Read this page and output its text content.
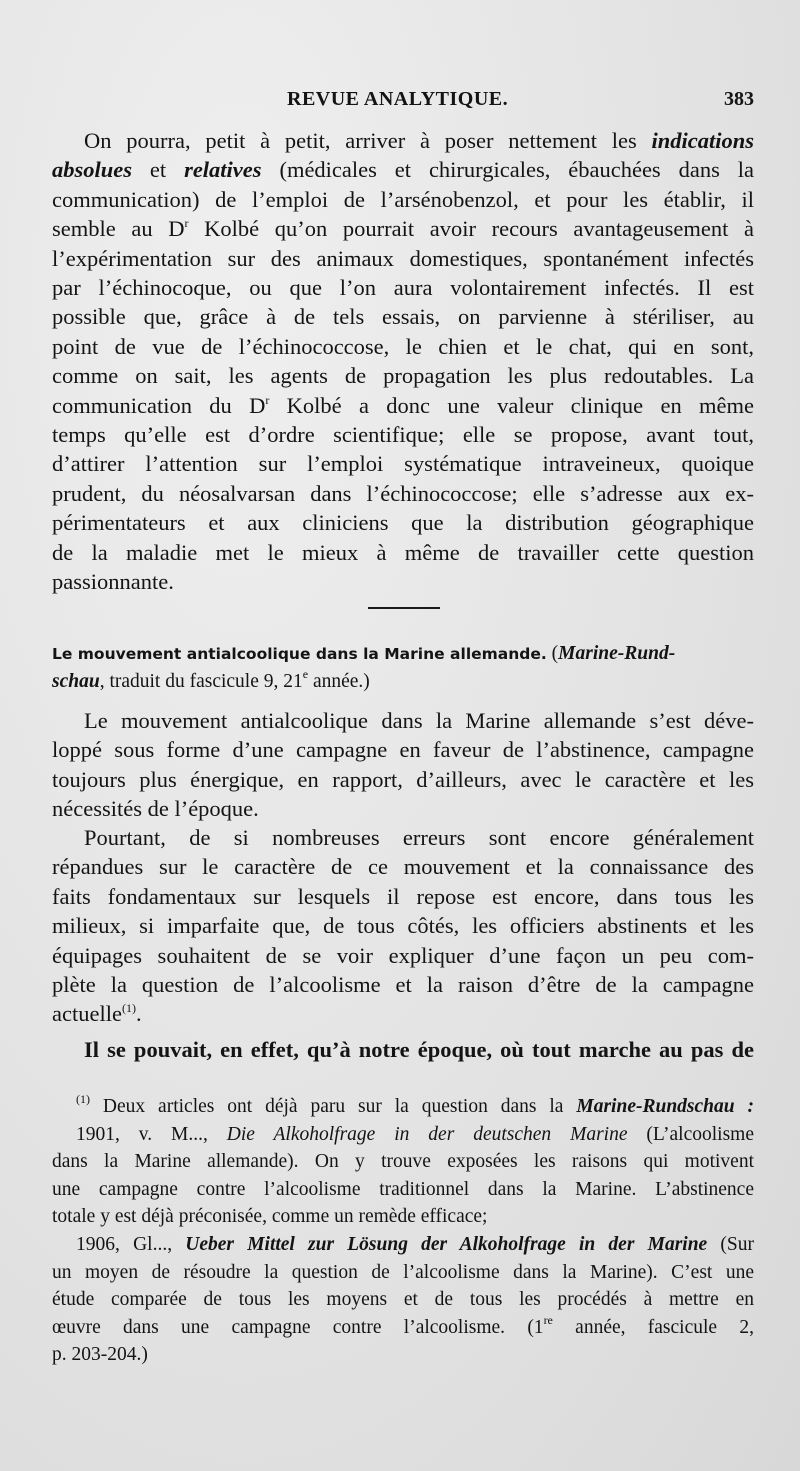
REVUE ANALYTIQUE.	383

On pourra, petit à petit, arriver à poser nettement les indications

absolues et relatives (médicales et chirurgicales, ébauchées dans la

communication) de l’emploi de l’arsénobenzol, et pour les établir, il

semble au $D^r$ Kolbé qu’on pourrait avoir recours avantageusement à

l’expérimentation sur des animaux domestiques, spontanément infectés

par l’échinocoque, ou que l’on aura volontairement infectés. Il est

possible que, grâce à de tels essais, on parvienne à stériliser, au

point de vue de l’échinococcose, le chien et le chat, qui en sont,

comme on sait, les agents de propagation les plus redoutables. La

communication du $D^r$ Kolbé a donc une valeur clinique en même

temps qu’elle est d’ordre scientifique; elle se propose, avant tout,

d’attirer l’attention sur l’emploi systématique intraveineux, quoique

prudent, du néosalvarsan dans l’échinococcose; elle s’adresse aux ex-

périmentateurs et aux cliniciens que la distribution géographique

de la maladie met le mieux à même de travailler cette question

passionnante.

Le mouvement antialcoolique dans la Marine allemande. (Marine-Rund-
schau, traduit du fascicule 9, 21e année.)

Le mouvement antialcoolique dans la Marine allemande s’est déve-

loppé sous forme d’une campagne en faveur de l’abstinence, campagne

toujours plus énergique, en rapport, d’ailleurs, avec le caractère et les

nécessités de l’époque.

Pourtant, de si nombreuses erreurs sont encore généralement

répandues sur le caractère de ce mouvement et la connaissance des

faits fondamentaux sur lesquels il repose est encore, dans tous les

milieux, si imparfaite que, de tous côtés, les officiers abstinents et les

équipages souhaitent de se voir expliquer d’une façon un peu com-

plète la question de l’alcoolisme et la raison d’être de la campagne

actuelle$^{(1)}$.

Il se pouvait, en effet, qu’à notre époque, où tout marche au pas de

$^{(1)}$ Deux articles ont déjà paru sur la question dans la Marine-Rundschau :

1901, v. M..., Die Alkoholfrage in der deutschen Marine (L’alcoolisme

dans la Marine allemande). On y trouve exposées les raisons qui motivent

une campagne contre l’alcoolisme traditionnel dans la Marine. L’abstinence

totale y est déjà préconisée, comme un remède efficace;

1906, Gl..., Ueber Mittel zur Lösung der Alkoholfrage in der Marine (Sur

un moyen de résoudre la question de l’alcoolisme dans la Marine). C’est une

étude comparée de tous les moyens et de tous les procédés à mettre en

œuvre dans une campagne contre l’alcoolisme. (1re année, fascicule 2,

p. 203-204.)
